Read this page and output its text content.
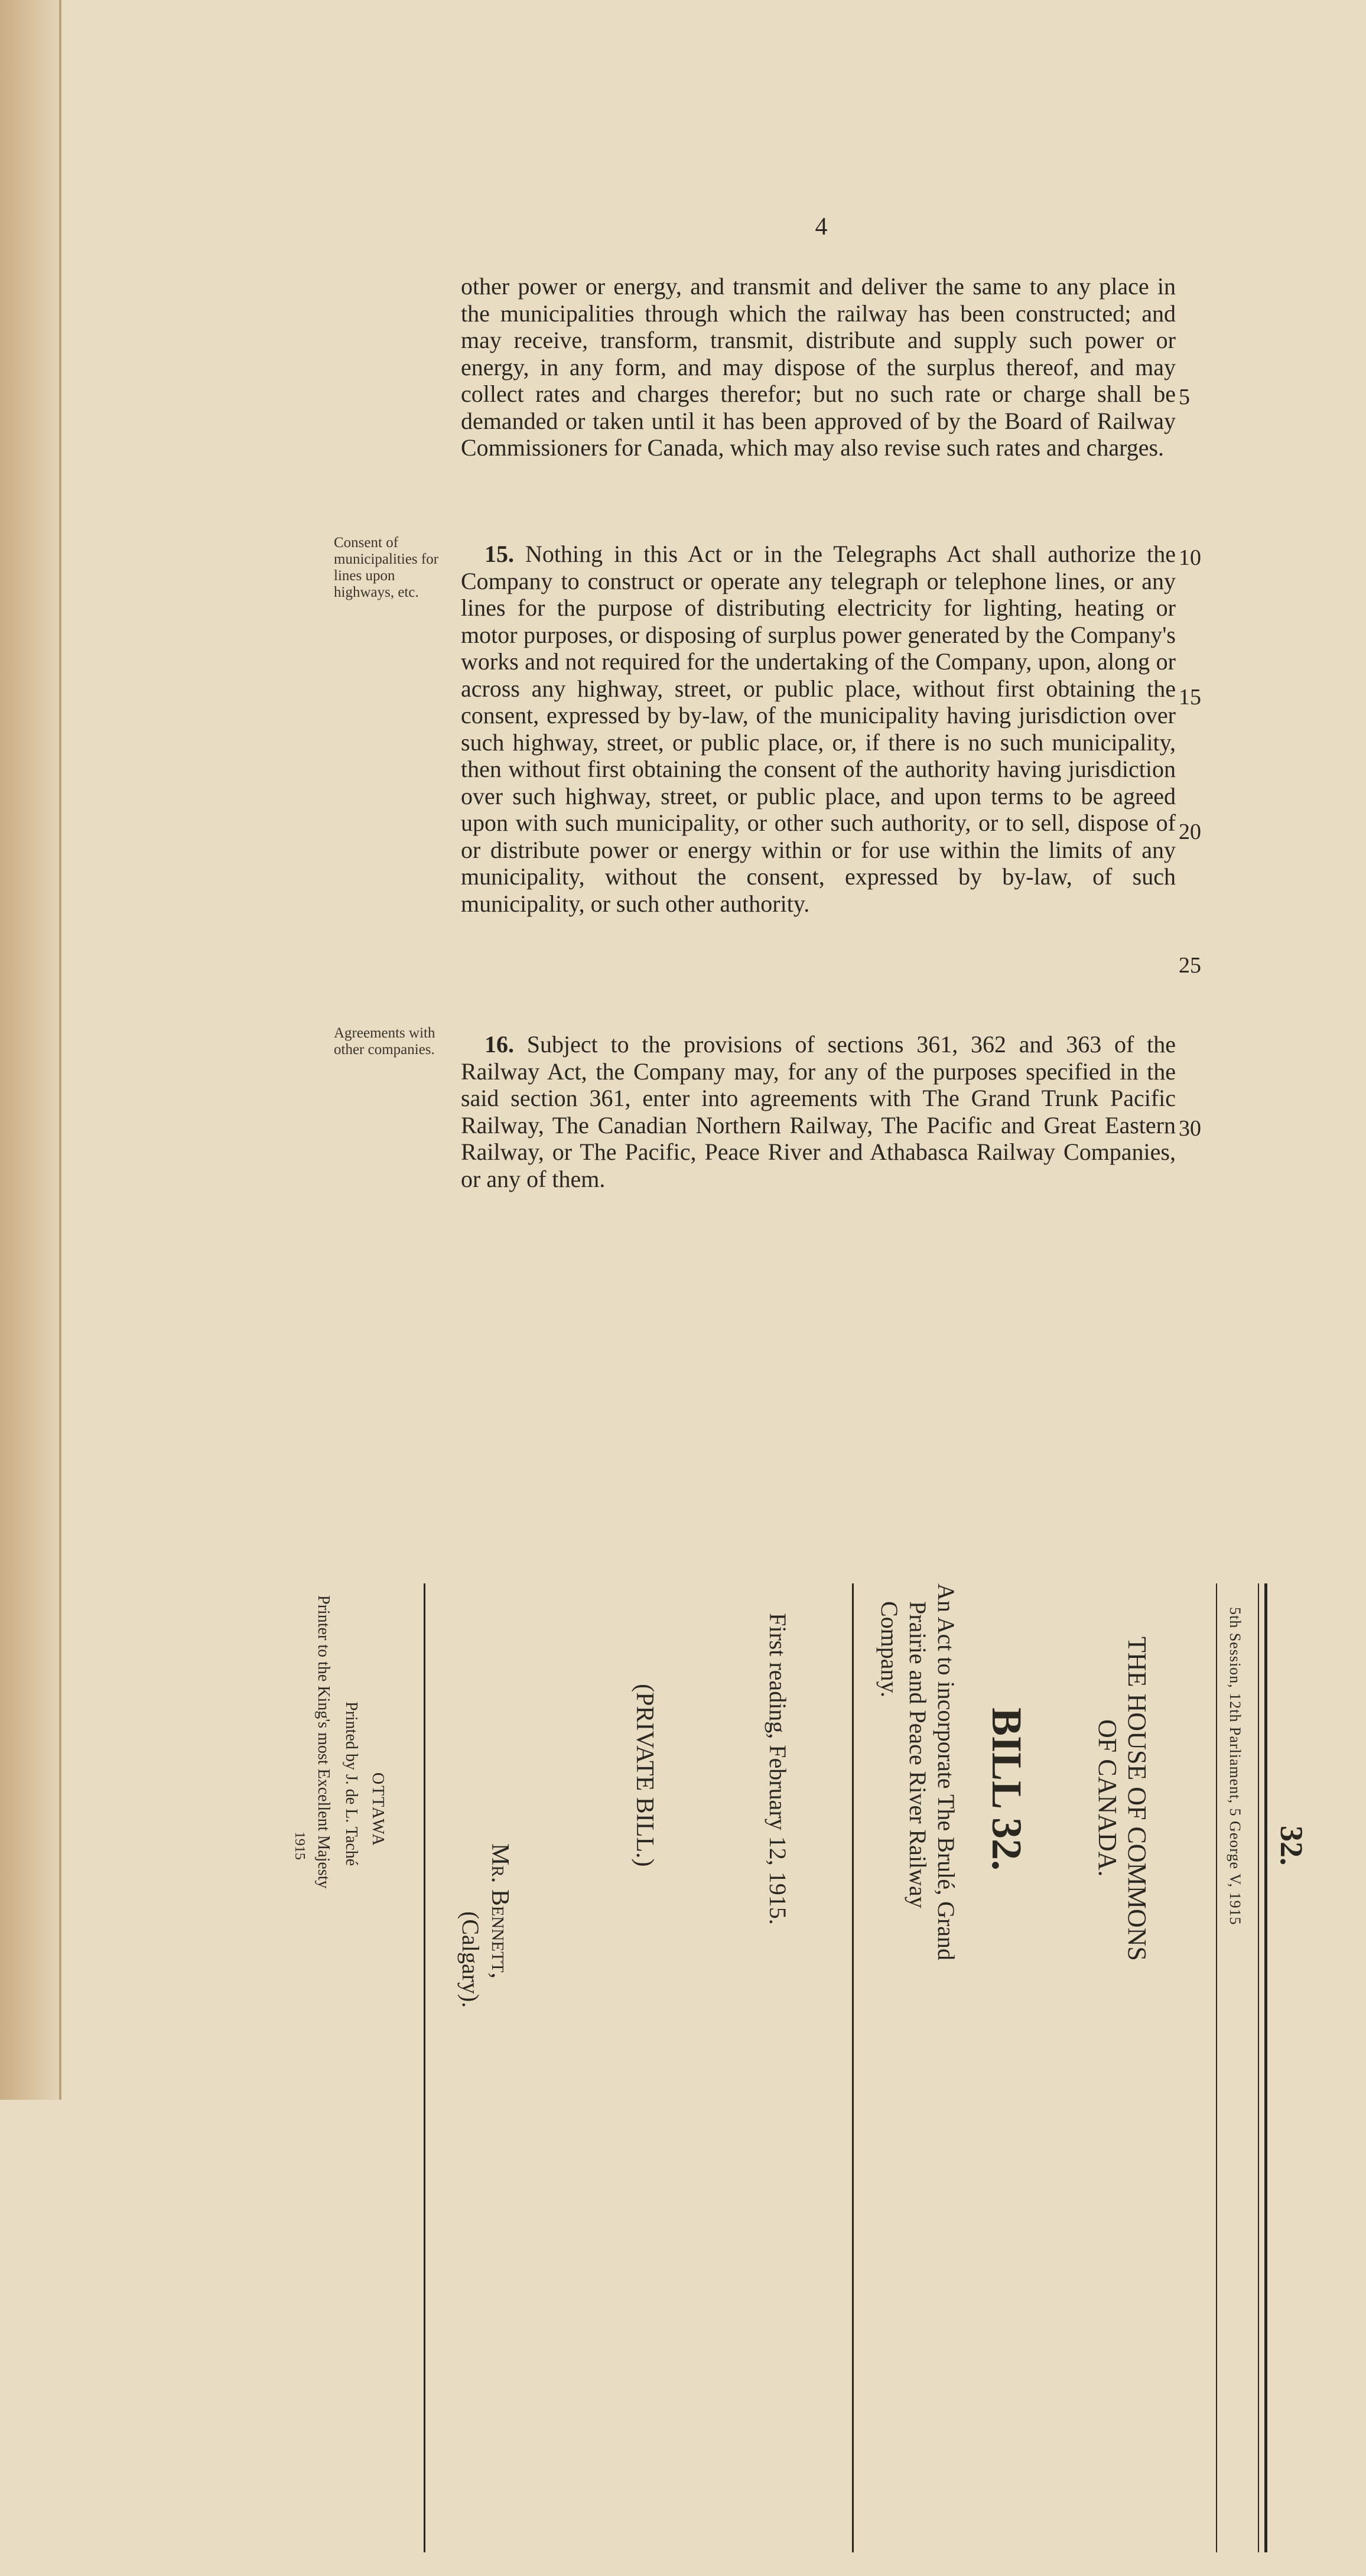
4

other power or energy, and transmit and deliver the same to any place in the municipalities through which the railway has been constructed; and may receive, transform, transmit, distribute and supply such power or energy, in any form, and may dispose of the surplus thereof, and may collect rates and charges therefor; but no such rate or charge shall be demanded or taken until it has been approved of by the Board of Railway Commissioners for Canada, which may also revise such rates and charges.

Consent of municipalities for lines upon highways, etc.

15. Nothing in this Act or in the Telegraphs Act shall authorize the Company to construct or operate any telegraph or telephone lines, or any lines for the purpose of distributing electricity for lighting, heating or motor purposes, or disposing of surplus power generated by the Company's works and not required for the undertaking of the Company, upon, along or across any highway, street, or public place, without first obtaining the consent, expressed by by-law, of the municipality having jurisdiction over such highway, street, or public place, or, if there is no such municipality, then without first obtaining the consent of the authority having jurisdiction over such highway, street, or public place, and upon terms to be agreed upon with such municipality, or other such authority, or to sell, dispose of or distribute power or energy within or for use within the limits of any municipality, without the consent, expressed by by-law, of such municipality, or such other authority.

Agreements with other companies.	16. Subject to the provisions of sections 361, 362 and 363 of the Railway Act, the Company may, for any of the purposes specified in the said section 361, enter into agreements with The Grand Trunk Pacific Railway, The Canadian Northern Railway, The Pacific and Great Eastern Railway, or The Pacific, Peace River and Athabasca Railway Companies, or any of them.

5
10
15
20
25
30
32.
5th Session, 12th Parliament, 5 George V, 1915
THE HOUSE OF COMMONS
OF CANADA.
BILL 32.
An Act to incorporate The Brulé, Grand
Prairie and Peace River Railway
Company.
First reading, February 12, 1915.
(PRIVATE BILL.)
Mr. Bennett,
(Calgary).
OTTAWA
Printed by J. de L. Taché
Printer to the King's most Excellent Majesty
1915
